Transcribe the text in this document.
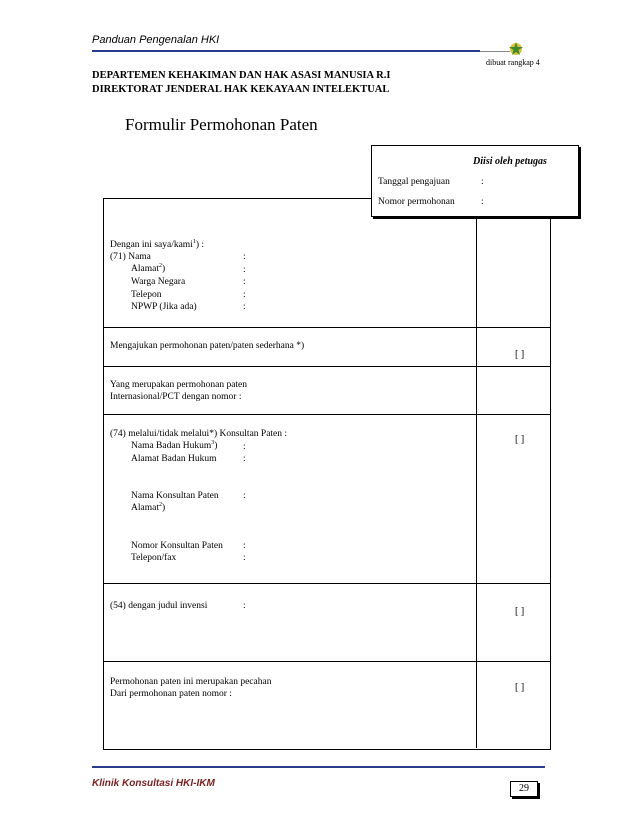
Panduan Pengenalan HKI
dibuat rangkap 4
DEPARTEMEN KEHAKIMAN DAN HAK ASASI MANUSIA R.I
DIREKTORAT JENDERAL HAK KEKAYAAN INTELEKTUAL
Formulir Permohonan Paten
Diisi oleh petugas
Tanggal pengajuan	:
Nomor permohonan	:
Dengan ini saya/kami$^1$) :
(71) Nama	:
Alamat$^2$)	:
Warga Negara	:
Telepon	:
NPWP (Jika ada)	:
Mengajukan permohonan paten/paten sederhana *)
[ ]
Yang merupakan permohonan paten
Internasional/PCT dengan nomor :
(74) melalui/tidak melalui*) Konsultan Paten :	[ ]
Nama Badan Hukum$^3$)	:
Alamat Badan Hukum	:
Nama Konsultan Paten	:
Alamat$^2$)
Nomor Konsultan Paten :
Telepon/fax	:
(54) dengan judul invensi	:	[ ]
Permohonan paten ini merupakan pecahan
Dari permohonan paten nomor :
[ ]
Klinik Konsultasi HKI-IKM	29
